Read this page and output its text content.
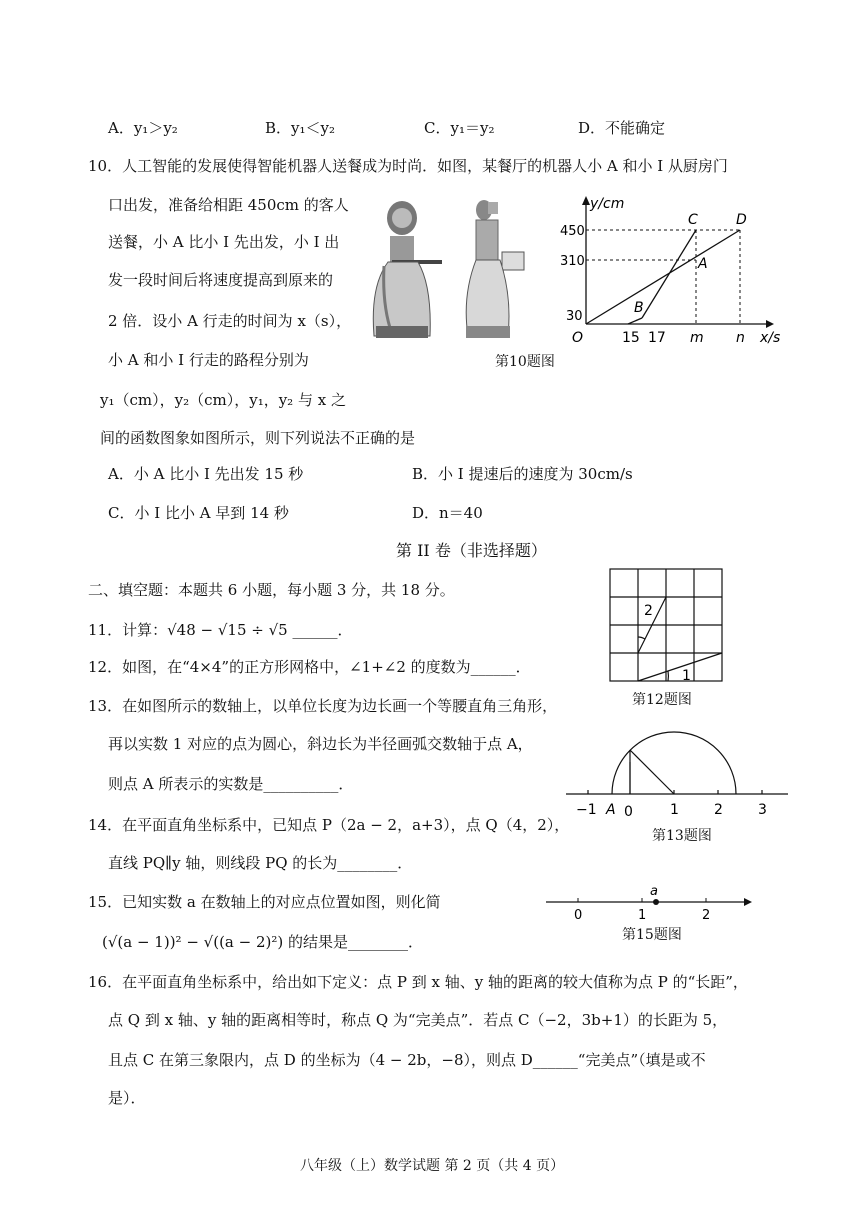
A．y₁＞y₂	B．y₁＜y₂	C．y₁＝y₂	D．不能确定
10．人工智能的发展使得智能机器人送餐成为时尚．如图，某餐厅的机器人小 A 和小 I 从厨房门
口出发，准备给相距 450cm 的客人
送餐，小 A 比小 I 先出发，小 I 出
发一段时间后将速度提高到原来的
2 倍．设小 A 行走的时间为 x（s），
小 A 和小 I 行走的路程分别为
y₁（cm），y₂（cm），y₁，y₂ 与 x 之
间的函数图象如图所示，则下列说法不正确的是
A．小 A 比小 I 先出发 15 秒	B．小 I 提速后的速度为 30cm/s
C．小 I 比小 A 早到 14 秒	D．n＝40
第10题图
y/cm
x/s
450
310
30
O	15 17 m n
C	D
A
B
第 II 卷（非选择题）
二、填空题：本题共 6 小题，每小题 3 分，共 18 分。
11．计算：√48 − √15 ÷ √5 ______．
12．如图，在“4×4”的正方形网格中，∠1+∠2 的度数为______．
2
1
第12题图
13．在如图所示的数轴上，以单位长度为边长画一个等腰直角三角形，
再以实数 1 对应的点为圆心，斜边长为半径画弧交数轴于点 A，
则点 A 所表示的实数是__________．
−1 A 0	1	2	3
第13题图
14．在平面直角坐标系中，已知点 P（2a − 2，a+3），点 Q（4，2），
直线 PQ∥y 轴，则线段 PQ 的长为________．
15．已知实数 a 在数轴上的对应点位置如图，则化简
(√(a − 1))² − √((a − 2)²) 的结果是________．
a
0	1	2
第15题图
16．在平面直角坐标系中，给出如下定义：点 P 到 x 轴、y 轴的距离的较大值称为点 P 的“长距”，
点 Q 到 x 轴、y 轴的距离相等时，称点 Q 为“完美点”．若点 C（−2，3b+1）的长距为 5，
且点 C 在第三象限内，点 D 的坐标为（4 − 2b，−8），则点 D______“完美点”（填是或不
是）．
八年级（上）数学试题 第 2 页（共 4 页）
